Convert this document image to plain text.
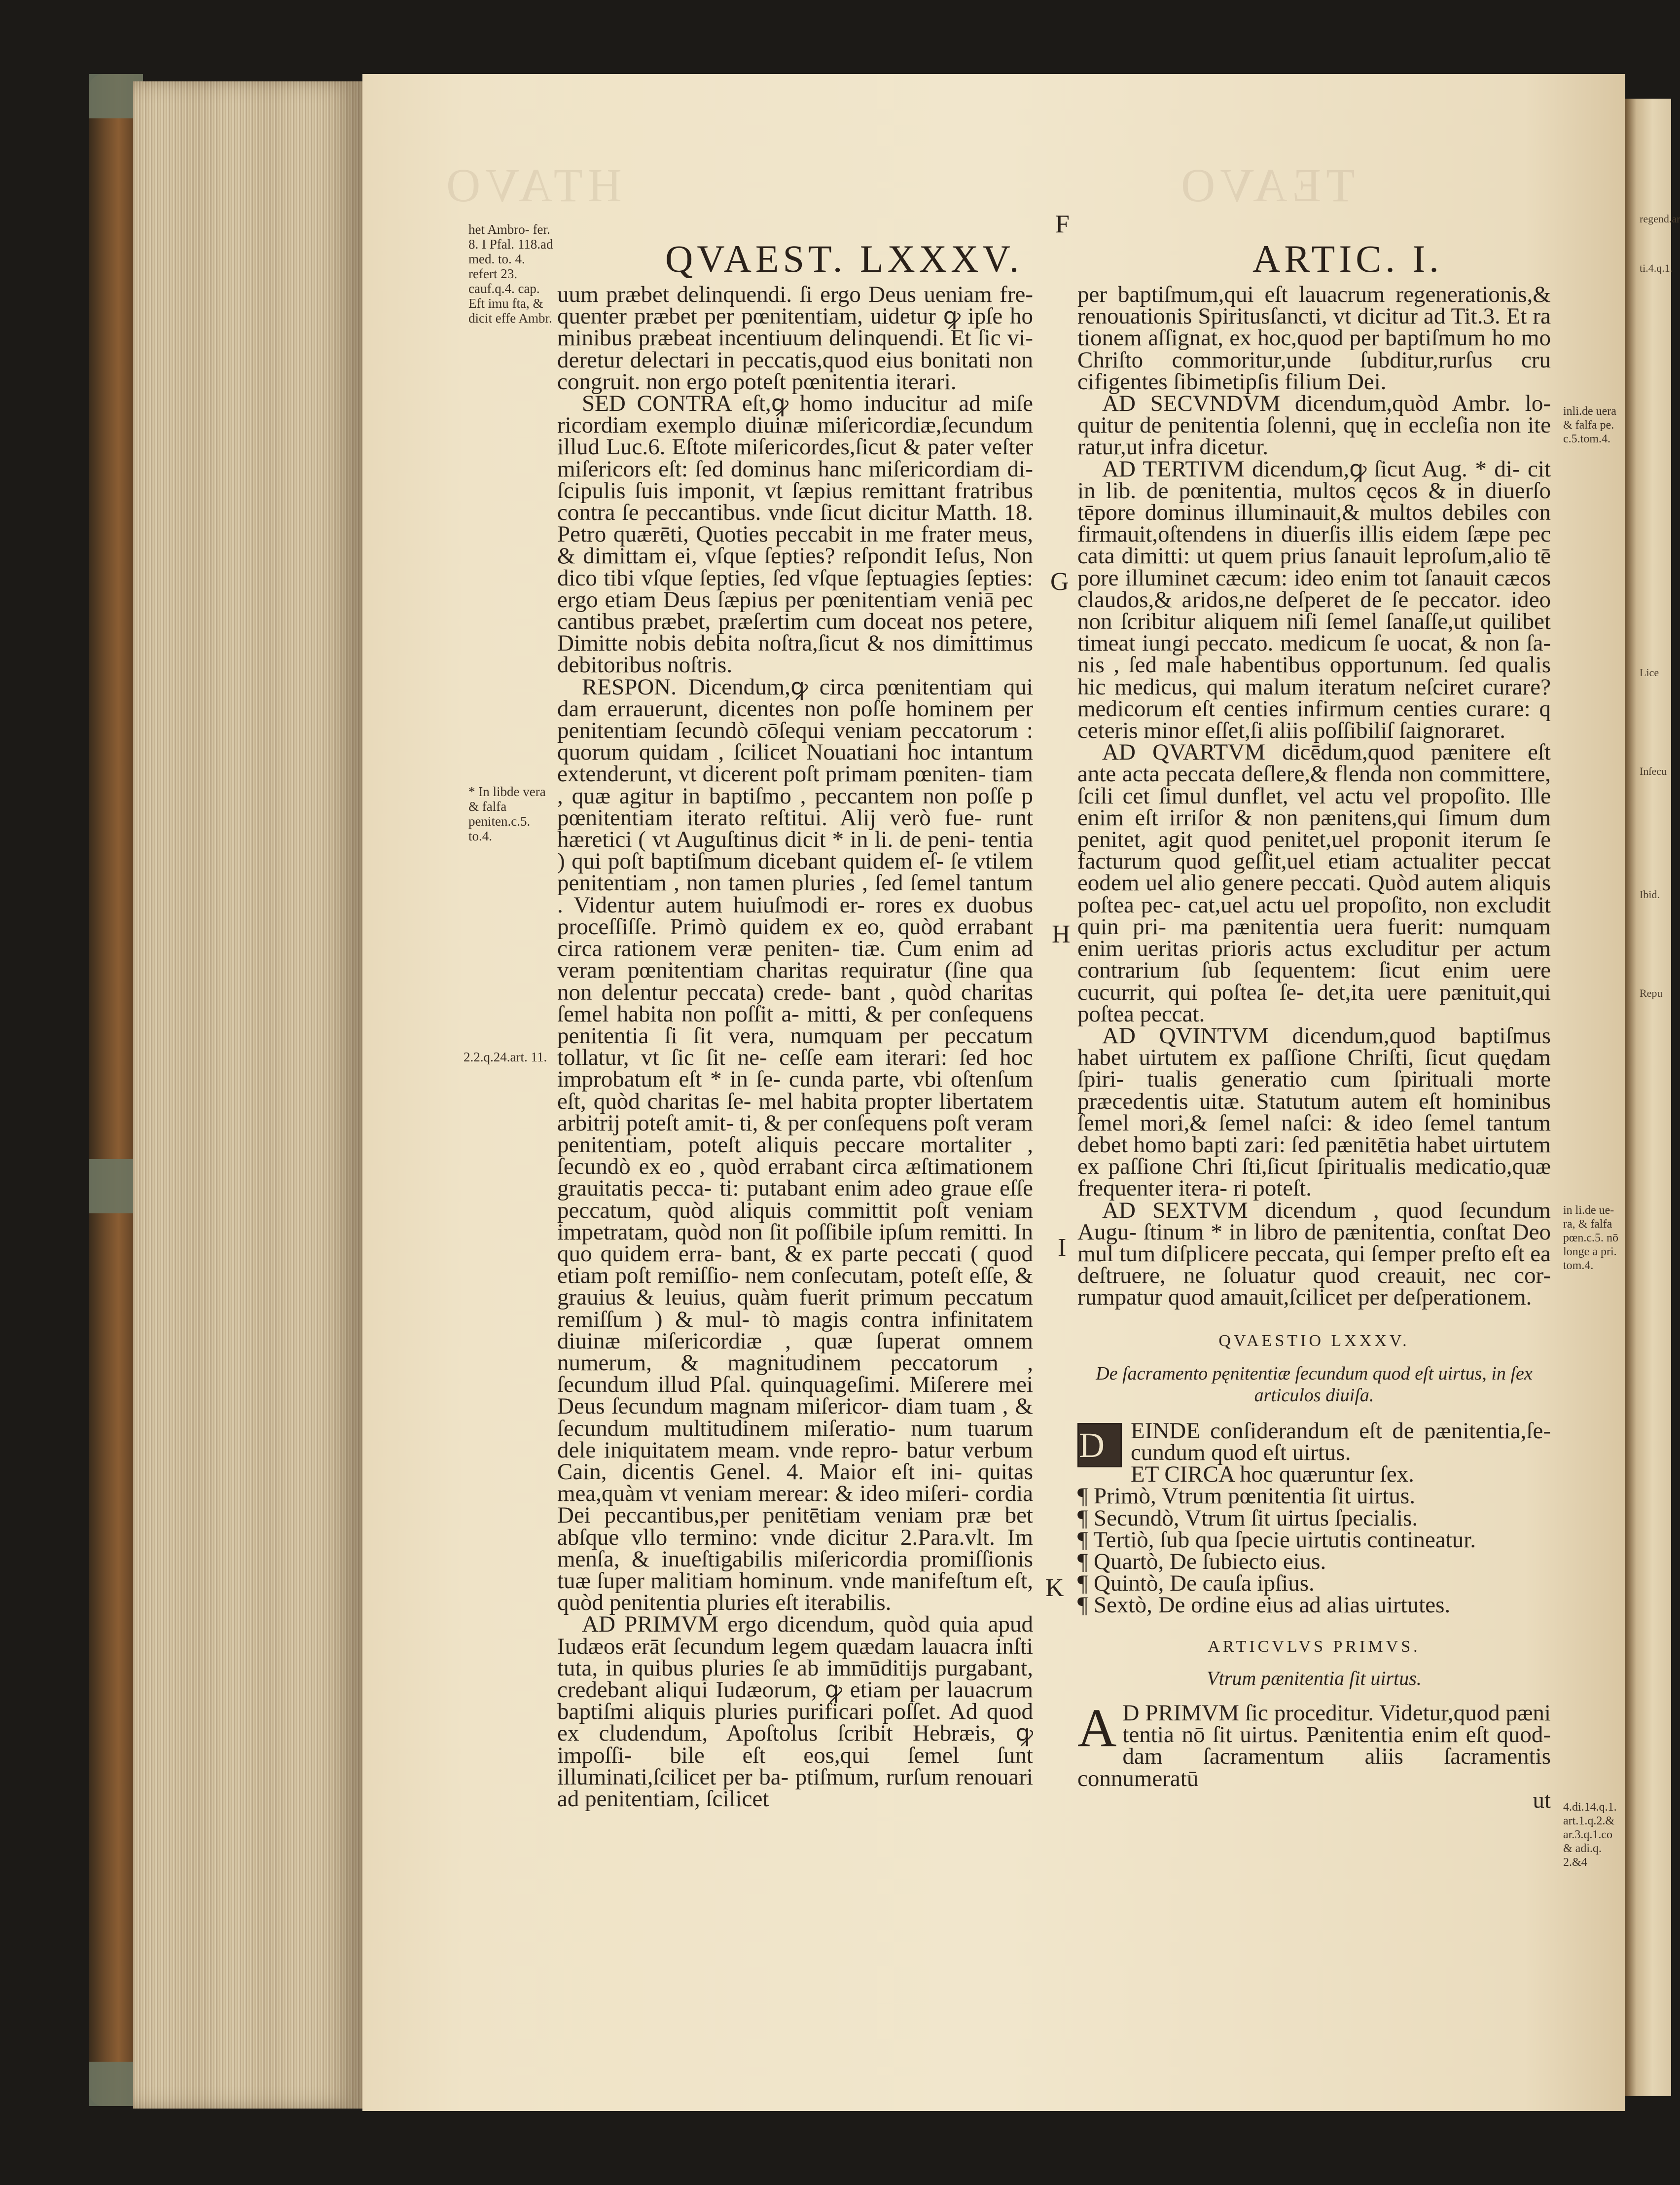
HTAVO	TEAVO
QVAEST. LXXXV.	ARTIC. I.
het Ambro- fer. 8. I Pfal. 118.ad med. to. 4. refert 23. cauf.q.4. cap. Eft imu fta, & dicit effe Ambr.
* In libde vera & falfa peniten.c.5. to.4.
2.2.q.24.art. 11.
F
G
H
I
K
inli.de uera & falfa pe. c.5.tom.4.
in li.de ue- ra, & falfa pœn.c.5. nō longe a pri. tom.4.
4.di.14.q.1. art.1.q.2.& ar.3.q.1.co & adi.q. 2.&4

uum præbet delinquendi. ſi ergo Deus ueniam fre- quenter præbet per pœnitentiam, uidetur ꝙ ipſe ho minibus præbeat incentiuum delinquendi. Et ſic vi- deretur delectari in peccatis,quod eius bonitati non congruit. non ergo poteſt pœnitentia iterari.

SED CONTRA eſt,ꝙ homo inducitur ad miſe ricordiam exemplo diuinæ miſericordiæ,ſecundum illud Luc.6. Eſtote miſericordes,ſicut & pater veſter miſericors eſt: ſed dominus hanc miſericordiam di- ſcipulis ſuis imponit, vt ſæpius remittant fratribus contra ſe peccantibus. vnde ſicut dicitur Matth. 18. Petro quærēti, Quoties peccabit in me frater meus, & dimittam ei, vſque ſepties? reſpondit Ieſus, Non dico tibi vſque ſepties, ſed vſque ſeptuagies ſepties: ergo etiam Deus ſæpius per pœnitentiam veniā pec cantibus præbet, præſertim cum doceat nos petere, Dimitte nobis debita noſtra,ſicut & nos dimittimus debitoribus noſtris.

RESPON. Dicendum,ꝙ circa pœnitentiam qui dam errauerunt, dicentes non poſſe hominem per penitentiam ſecundò cōſequi veniam peccatorum : quorum quidam , ſcilicet Nouatiani hoc intantum extenderunt, vt dicerent poſt primam pœniten- tiam , quæ agitur in baptiſmo , peccantem non poſſe p pœnitentiam iterato reſtitui. Alij verò fue- runt hæretici ( vt Auguſtinus dicit * in li. de peni- tentia ) qui poſt baptiſmum dicebant quidem eſ- ſe vtilem penitentiam , non tamen pluries , ſed ſemel tantum . Videntur autem huiuſmodi er- rores ex duobus proceſſiſſe. Primò quidem ex eo, quòd errabant circa rationem veræ peniten- tiæ. Cum enim ad veram pœnitentiam charitas requiratur (ſine qua non delentur peccata) crede- bant , quòd charitas ſemel habita non poſſit a- mitti, & per conſequens penitentia ſi ſit vera, numquam per peccatum tollatur, vt ſic ſit ne- ceſſe eam iterari: ſed hoc improbatum eſt * in ſe- cunda parte, vbi oſtenſum eſt, quòd charitas ſe- mel habita propter libertatem arbitrij poteſt amit- ti, & per conſequens poſt veram penitentiam, poteſt aliquis peccare mortaliter , ſecundò ex eo , quòd errabant circa æſtimationem grauitatis pecca- ti: putabant enim adeo graue eſſe peccatum, quòd aliquis committit poſt veniam impetratam, quòd non ſit poſſibile ipſum remitti. In quo quidem erra- bant, & ex parte peccati ( quod etiam poſt remiſſio- nem conſecutam, poteſt eſſe, & grauius & leuius, quàm fuerit primum peccatum remiſſum ) & mul- tò magis contra infinitatem diuinæ miſericordiæ , quæ ſuperat omnem numerum, & magnitudinem peccatorum , ſecundum illud Pſal. quinquageſimi. Miſerere mei Deus ſecundum magnam miſericor- diam tuam , & ſecundum multitudinem miſeratio- num tuarum dele iniquitatem meam. vnde repro- batur verbum Cain, dicentis Genel. 4. Maior eſt ini- quitas mea,quàm vt veniam merear: & ideo miſeri- cordia Dei peccantibus,per penitētiam veniam præ bet abſque vllo termino: vnde dicitur 2.Para.vlt. Im menſa, & inueſtigabilis miſericordia promiſſionis tuæ ſuper malitiam hominum. vnde manifeſtum eſt, quòd penitentia pluries eſt iterabilis.

AD PRIMVM ergo dicendum, quòd quia apud Iudæos erāt ſecundum legem quædam lauacra inſti tuta, in quibus pluries ſe ab immūditijs purgabant, credebant aliqui Iudæorum, ꝙ etiam per lauacrum baptiſmi aliquis pluries purificari poſſet. Ad quod ex cludendum, Apoſtolus ſcribit Hebræis, ꝙ impoſſi- bile eſt eos,qui ſemel ſunt illuminati,ſcilicet per ba- ptiſmum, rurſum renouari ad penitentiam, ſcilicet

per baptiſmum,qui eſt lauacrum regenerationis,& renouationis Spiritusſancti, vt dicitur ad Tit.3. Et ra tionem aſſignat, ex hoc,quod per baptiſmum ho mo Chriſto commoritur,unde ſubditur,rurſus cru cifigentes ſibimetipſis filium Dei.

AD SECVNDVM dicendum,quòd Ambr. lo- quitur de penitentia ſolenni, quę in eccleſia non ite ratur,ut infra dicetur.

AD TERTIVM dicendum,ꝙ ſicut Aug. * di- cit in lib. de pœnitentia, multos cęcos & in diuerſo tēpore dominus illuminauit,& multos debiles con firmauit,oſtendens in diuerſis illis eidem ſæpe pec cata dimitti: ut quem prius ſanauit leproſum,alio tē pore illuminet cæcum: ideo enim tot ſanauit cæcos claudos,& aridos,ne deſperet de ſe peccator. ideo non ſcribitur aliquem niſi ſemel ſanaſſe,ut quilibet timeat iungi peccato. medicum ſe uocat, & non ſa- nis , ſed male habentibus opportunum. ſed qualis hic medicus, qui malum iteratum neſciret curare? medicorum eſt centies infirmum centies curare: q ceteris minor eſſet,ſi aliis poſſibiliſ ſaignoraret.

AD QVARTVM dicēdum,quod pænitere eſt ante acta peccata deſlere,& flenda non committere, ſcili cet ſimul dunflet, vel actu vel propoſito. Ille enim eſt irriſor & non pænitens,qui ſimum dum penitet, agit quod penitet,uel proponit iterum ſe facturum quod geſſit,uel etiam actualiter peccat eodem uel alio genere peccati. Quòd autem aliquis poſtea pec- cat,uel actu uel propoſito, non excludit quin pri- ma pænitentia uera fuerit: numquam enim ueritas prioris actus excluditur per actum contrarium ſub ſequentem: ſicut enim uere cucurrit, qui poſtea ſe- det,ita uere pænituit,qui poſtea peccat.

AD QVINTVM dicendum,quod baptiſmus habet uirtutem ex paſſione Chriſti, ſicut quędam ſpiri- tualis generatio cum ſpirituali morte præcedentis uitæ. Statutum autem eſt hominibus ſemel mori,& ſemel naſci: & ideo ſemel tantum debet homo bapti zari: ſed pænitētia habet uirtutem ex paſſione Chri ſti,ſicut ſpiritualis medicatio,quæ frequenter itera- ri poteſt.

AD SEXTVM dicendum , quod ſecundum Augu- ſtinum * in libro de pænitentia, conſtat Deo mul tum diſplicere peccata, qui ſemper preſto eſt ea deſtruere, ne ſoluatur quod creauit, nec cor- rumpatur quod amauit,ſcilicet per deſperationem.

QVAESTIO LXXXV.

De ſacramento pęnitentiæ ſecundum quod eſt uirtus, in ſex articulos diuiſa.

D	EINDE conſiderandum eſt de pænitentia,ſe- cundum quod eſt uirtus.

ET CIRCA hoc quæruntur ſex.

¶ Primò, Vtrum pœnitentia ſit uirtus.

¶ Secundò, Vtrum ſit uirtus ſpecialis.

¶ Tertiò, ſub qua ſpecie uirtutis contineatur.

¶ Quartò, De ſubiecto eius.

¶ Quintò, De cauſa ipſius.

¶ Sextò, De ordine eius ad alias uirtutes.

ARTICVLVS PRIMVS.

Vtrum pænitentia ſit uirtus.

A D PRIMVM ſic proceditur. Videtur,quod pæni tentia nō ſit uirtus. Pænitentia enim eſt quod- dam ſacramentum aliis ſacramentis connumeratū

ut

regend.ar
ti.4.q.1.
Lice
Inſecu
Ibid.
Repu
